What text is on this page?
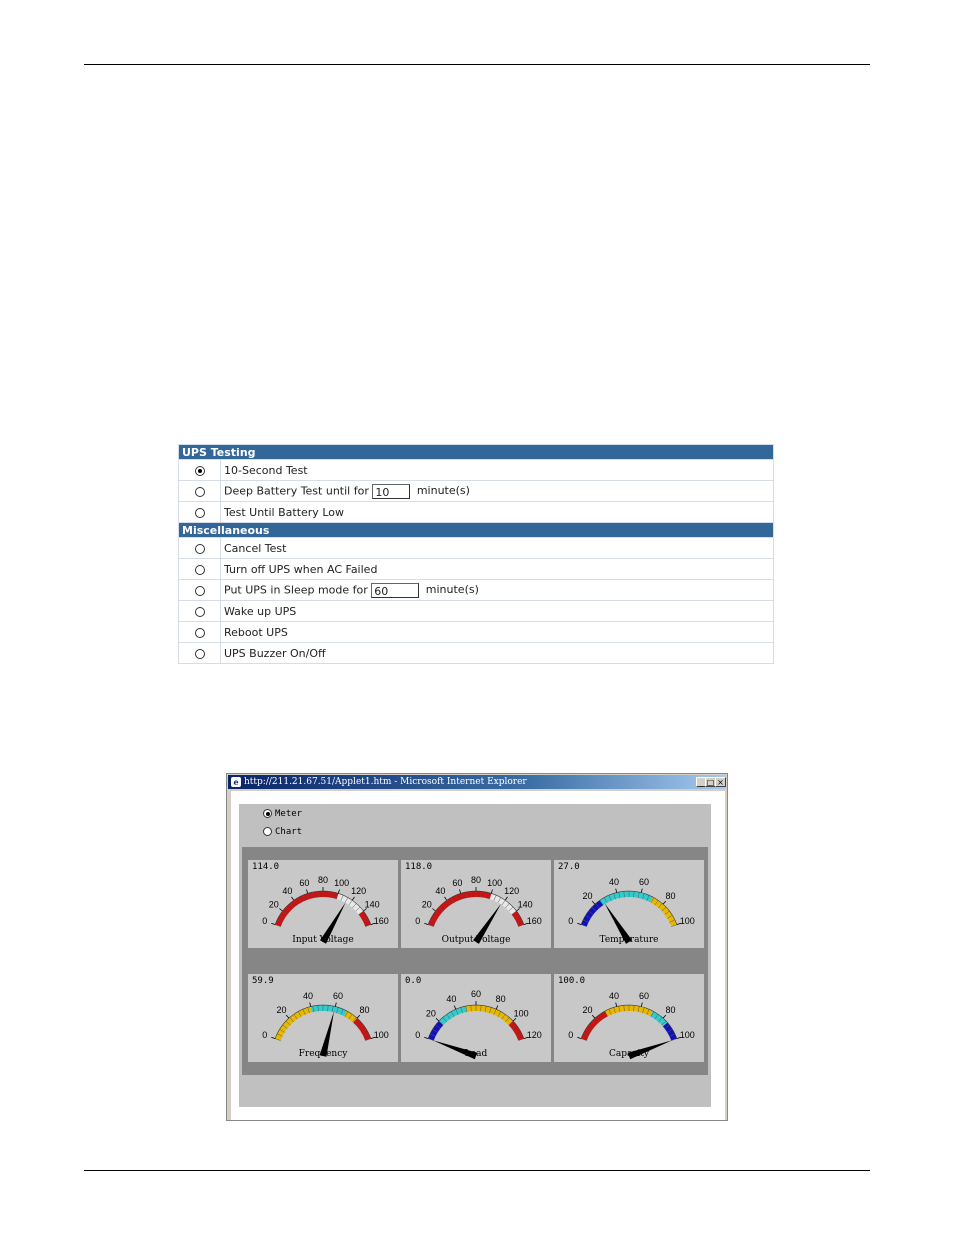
UPS Testing	
	10-Second Test
	Deep Battery Test until for 10 minute(s)
	Test Until Battery Low
Miscellaneous	
	Cancel Test
	Turn off UPS when AC Failed
	Put UPS in Sleep mode for 60 minute(s)
	Wake up UPS
	Reboot UPS
	UPS Buzzer On/Off
e http://211.21.67.51/Applet1.htm - Microsoft Internet Explorer	_ □ ×
Meter
Chart
0
20
40
60 80 100
120
140
160
114.0
Input Voltage
0
20
40
60 80 100
120
140
160
118.0
Output Voltage
0
20
40 60
80
100
27.0
Temperature
0
20
40 60
80
100
59.9
Frequency
0
20
40
60
80
100
120
0.0
Load
0
20
40 60
80
100
100.0
Capacity
